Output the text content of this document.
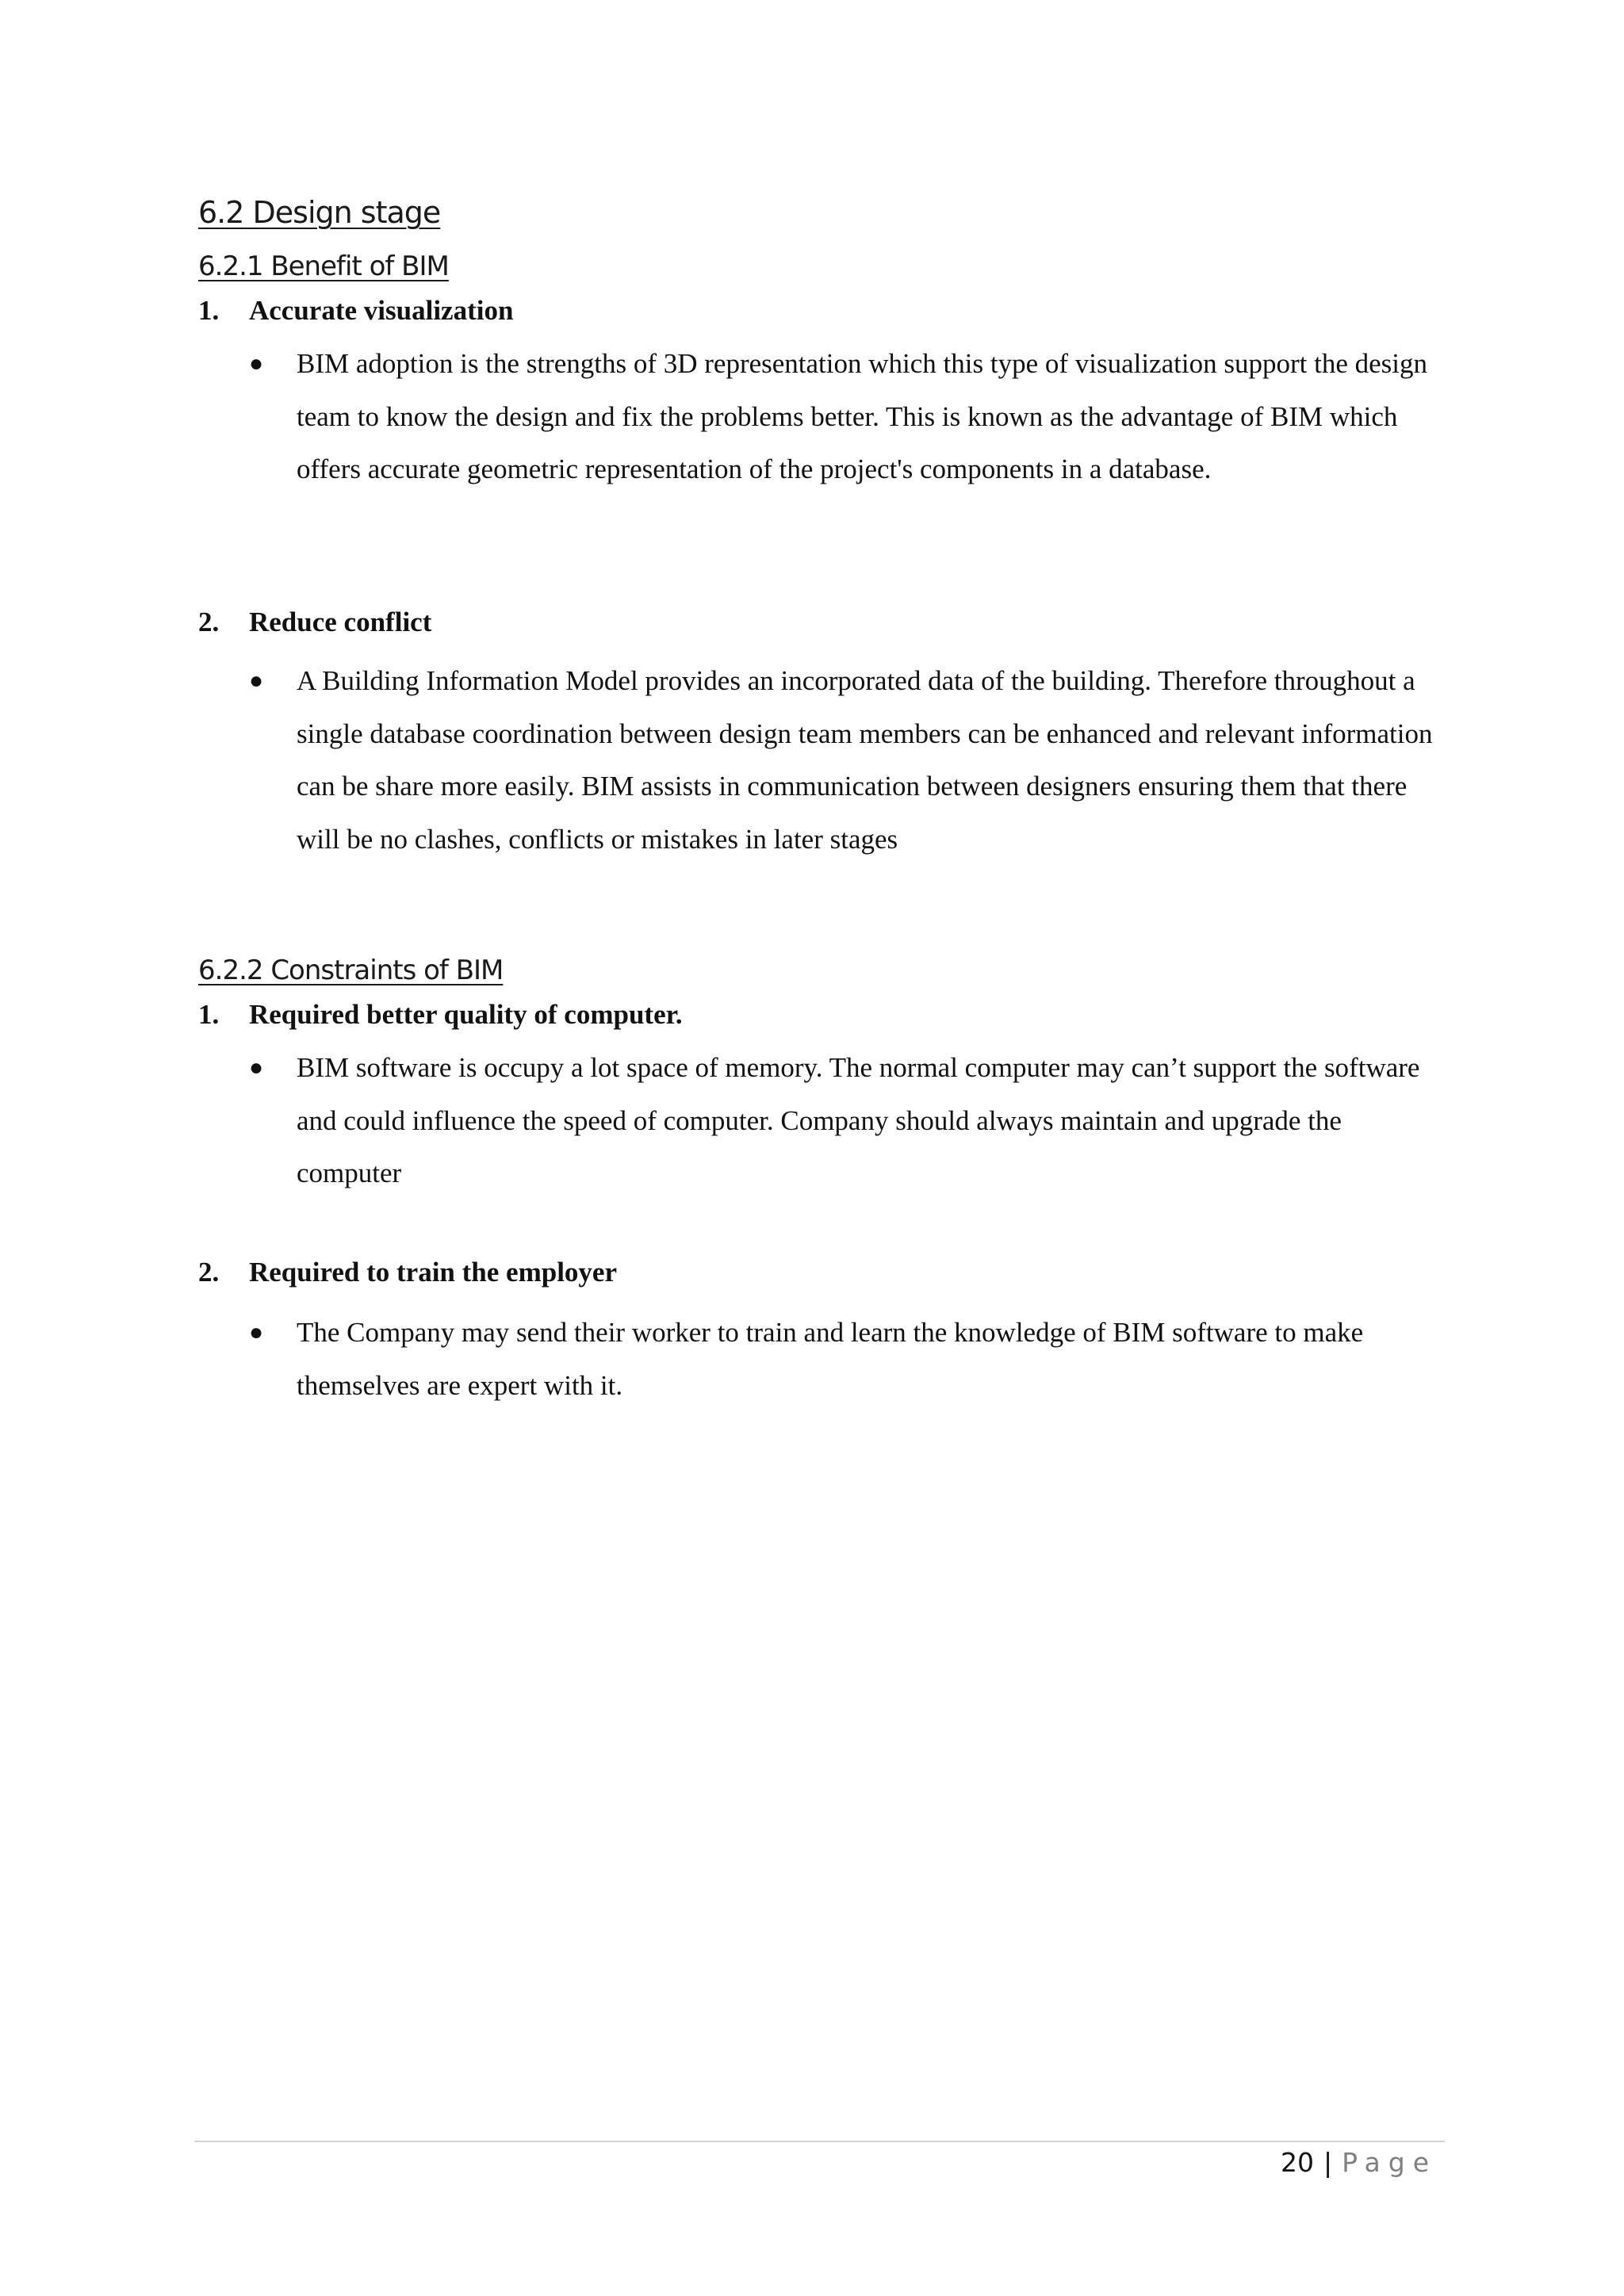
6.2 Design stage
6.2.1 Benefit of BIM
1. Accurate visualization
● BIM adoption is the strengths of 3D representation which this type of visualization support the design team to know the design and fix the problems better. This is known as the advantage of BIM which offers accurate geometric representation of the project's components in a database.
2. Reduce conflict
● A Building Information Model provides an incorporated data of the building. Therefore throughout a single database coordination between design team members can be enhanced and relevant information can be share more easily. BIM assists in communication between designers ensuring them that there will be no clashes, conflicts or mistakes in later stages
6.2.2 Constraints of BIM
1. Required better quality of computer.
● BIM software is occupy a lot space of memory. The normal computer may can’t support the software and could influence the speed of computer. Company should always maintain and upgrade the computer
2. Required to train the employer
● The Company may send their worker to train and learn the knowledge of BIM software to make themselves are expert with it.
20 | Page
